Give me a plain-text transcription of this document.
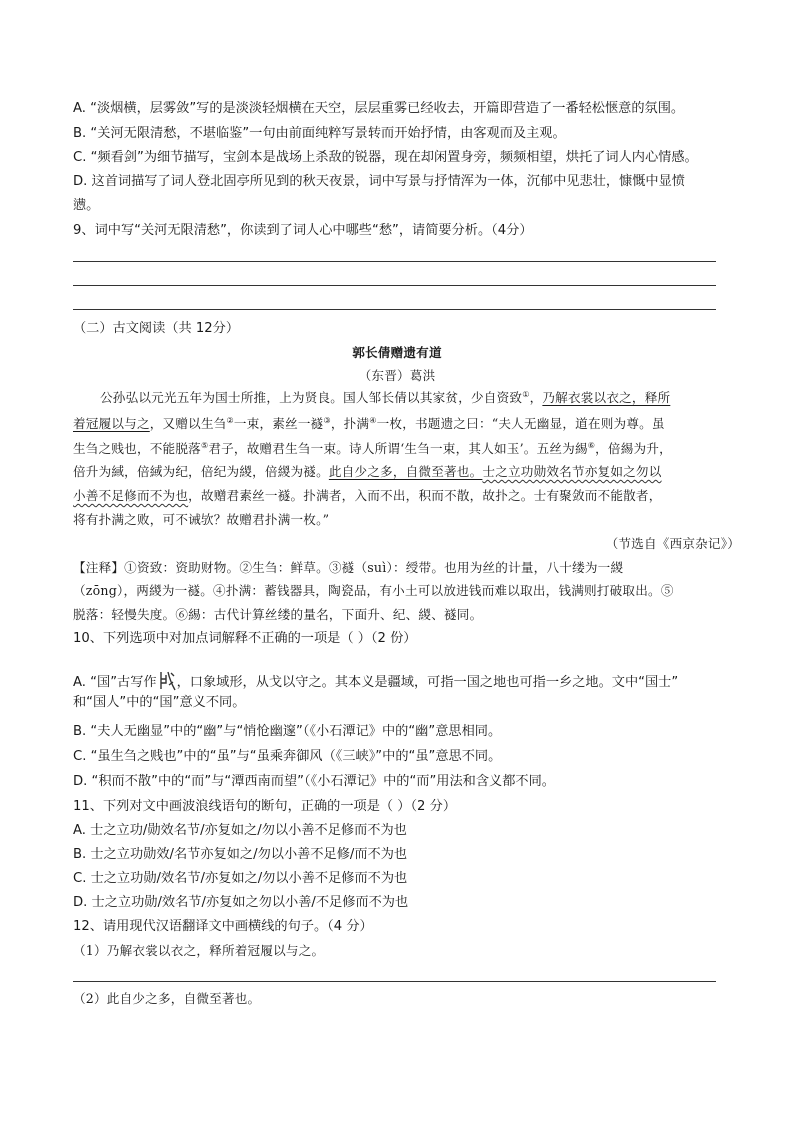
A. “淡烟横，层雾敛”写的是淡淡轻烟横在天空，层层重雾已经收去，开篇即营造了一番轻松惬意的氛围。
B. “关河无限清愁，不堪临鉴”一句由前面纯粹写景转而开始抒情，由客观而及主观。
C. “频看剑”为细节描写，宝剑本是战场上杀敌的锐器，现在却闲置身旁，频频相望，烘托了词人内心情感。
D. 这首词描写了词人登北固亭所见到的秋天夜景，词中写景与抒情浑为一体，沉郁中见悲壮，慷慨中显愤
懑。
9、词中写“关河无限清愁”，你读到了词人心中哪些“愁”，请简要分析。（4分）
（二）古文阅读（共 12分）
郭长倩赠遗有道
（东晋）葛洪
公孙弘以元光五年为国士所推，上为贤良。国人邹长倩以其家贫，少自资致①，乃解衣裳以衣之，释所
着冠履以与之，又赠以生刍②一束，素丝一襚③，扑满④一枚，书题遗之曰：“夫人无幽显，道在则为尊。虽
生刍之贱也，不能脱落⑤君子，故赠君生刍一束。诗人所谓‘生刍一束，其人如玉’。五丝为緆⑥，倍緆为升，
倍升为緎，倍緎为纪，倍纪为緵，倍緵为襚。此自少之多，自微至著也。士之立功勋效名节亦复如之勿以
小善不足修而不为也，故赠君素丝一襚。扑满者，入而不出，积而不散，故扑之。士有聚敛而不能散者，
将有扑满之败，可不诫欤？故赠君扑满一枚。”
（节选自《西京杂记》）
【注释】①资致：资助财物。②生刍：鲜草。③襚（suì）：绶带。也用为丝的计量，八十缕为一緵
（zōng），两緵为一襚。④扑满：蓄钱器具，陶瓷品，有小土可以放进钱而难以取出，钱满则打破取出。⑤
脱落：轻慢失度。⑥緆：古代计算丝缕的量名，下面升、纪、緵、襚同。
10、下列选项中对加点词解释不正确的一项是（ ）（2 份）
A. “国”古写作 ，口象域形，从戈以守之。其本义是疆域，可指一国之地也可指一乡之地。文中“国士”
和“国人”中的“国”意义不同。
B. “夫人无幽显”中的“幽”与“悄怆幽邃”（《小石潭记》中的“幽”意思相同。
C. “虽生刍之贱也”中的“虽”与“虽乘奔御风（《三峡》”中的“虽”意思不同。
D. “积而不散”中的“而”与“潭西南而望”（《小石潭记》中的“而”用法和含义都不同。
11、下列对文中画波浪线语句的断句，正确的一项是（ ）（2 分）
A. 士之立功/勋效名节/亦复如之/勿以小善不足修而不为也
B. 士之立功勋效/名节亦复如之/勿以小善不足修/而不为也
C. 士之立功勋/效名节/亦复如之/勿以小善不足修而不为也
D. 士之立功勋/效名节/亦复如之勿以小善/不足修而不为也
12、请用现代汉语翻译文中画横线的句子。（4 分）
（1）乃解衣裳以衣之，释所着冠履以与之。
（2）此自少之多，自微至著也。
